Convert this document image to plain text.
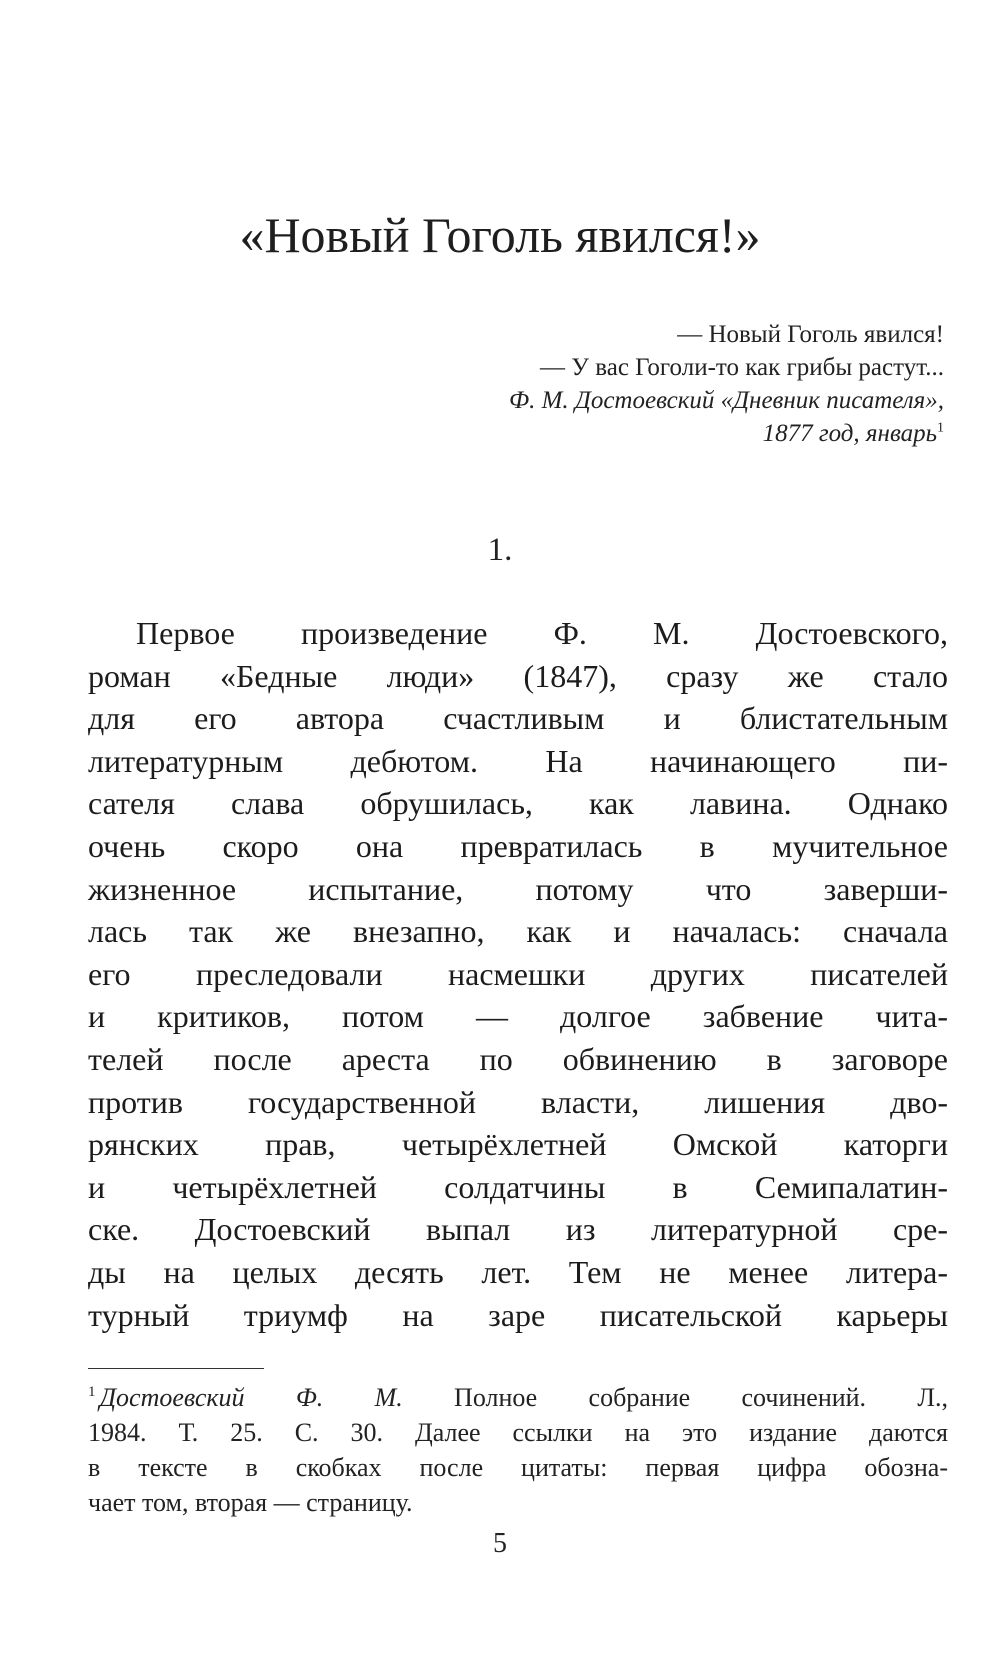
«Новый Гоголь явился!»
— Новый Гоголь явился!
— У вас Гоголи-то как грибы растут...
Ф. М. Достоевский «Дневник писателя»,
1877 год, январь$^1$
1.
Первое произведение Ф. М. Достоевского,
роман «Бедные люди» (1847), сразу же стало
для его автора счастливым и блистательным
литературным дебютом. На начинающего пи-
сателя слава обрушилась, как лавина. Однако
очень скоро она превратилась в мучительное
жизненное испытание, потому что заверши-
лась так же внезапно, как и началась: сначала
его преследовали насмешки других писателей
и критиков, потом — долгое забвение чита-
телей после ареста по обвинению в заговоре
против государственной власти, лишения дво-
рянских прав, четырёхлетней Омской каторги
и четырёхлетней солдатчины в Семипалатин-
ске. Достоевский выпал из литературной сре-
ды на целых десять лет. Тем не менее литера-
турный триумф на заре писательской карьеры
$^1$ Достоевский Ф. М. Полное собрание сочинений. Л.,
1984. Т. 25. С. 30. Далее ссылки на это издание даются
в тексте в скобках после цитаты: первая цифра обозна-
чает том, вторая — страницу.
5
